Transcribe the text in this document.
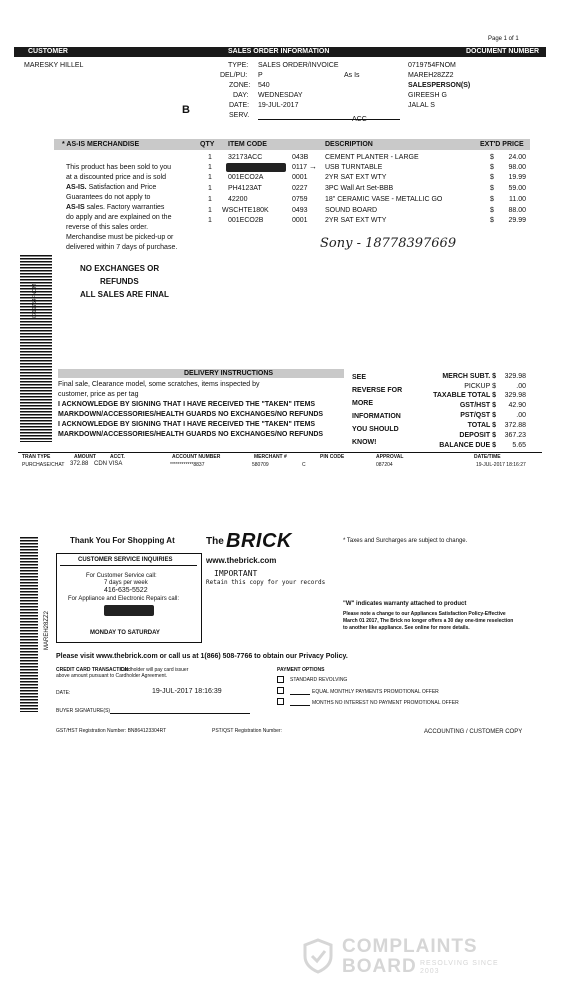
Page 1 of 1
CUSTOMER	SALES ORDER INFORMATION	DOCUMENT NUMBER
MARESKY HILLEL	TYPE: SALES ORDER/INVOICE
DEL/PU: P	As Is
ZONE: 540
DAY: WEDNESDAY
DATE: 19-JUL-2017
SERV.
ACC
B
0719754FNOM
MAREH28ZZ2
SALESPERSON(S)
GIREESH G
JALAL S
* AS-IS MERCHANDISE	QTY ITEM CODE	DESCRIPTION	EXT'D PRICE
1 32173ACC	043B CEMENT PLANTER - LARGE	$	24.00
1	0117 → USB TURNTABLE	$	98.00
1 001ECO2A	0001 2YR SAT EXT WTY	$	19.99
1 PH4123AT	0227 3PC Wall Art Set-BBB	$	59.00
1 42200	0759 18" CERAMIC VASE - METALLIC GO	$	11.00
1 WSCHTE180K	0493 SOUND BOARD	$	88.00
1 001ECO2B	0001 2YR SAT EXT WTY	$	29.99
Sony - 18778397669
This product has been sold to you
at a discounted price and is sold
AS-IS. Satisfaction and Price
Guarantees do not apply to
AS-IS sales. Factory warranties
do apply and are explained on the
reverse of this sales order.
Merchandise must be picked-up or
delivered within 7 days of purchase.
NO EXCHANGES OR
REFUNDS
ALL SALES ARE FINAL
0719754FNOM
DELIVERY INSTRUCTIONS
Final sale, Clearance model, some scratches, items inspected by
customer, price as per tag
I ACKNOWLEDGE BY SIGNING THAT I HAVE RECEIVED THE "TAKEN" ITEMS
MARKDOWN/ACCESSORIES/HEALTH GUARDS NO EXCHANGES/NO REFUNDS
I ACKNOWLEDGE BY SIGNING THAT I HAVE RECEIVED THE "TAKEN" ITEMS
MARKDOWN/ACCESSORIES/HEALTH GUARDS NO EXCHANGES/NO REFUNDS
SEE
REVERSE FOR
MORE
INFORMATION
YOU SHOULD
KNOW!
MERCH SUBT. $	329.98
PICKUP $	.00
TAXABLE TOTAL $	329.98
GST/HST $	42.90
PST/QST $	.00
TOTAL $	372.88
DEPOSIT $	367.23
BALANCE DUE $	5.65
TRAN TYPE	AMOUNT	ACCT.	ACCOUNT NUMBER	MERCHANT #	PIN CODE	APPROVAL	DATE/TIME
PURCHASE/CHAT 372.88 CDN VISA	************8837	580709	C	087204	19-JUL-2017 18:16:27
MAREH28ZZ2
Thank You For Shopping At	The BRICK
www.thebrick.com
IMPORTANT
Retain this copy for your records
* Taxes and Surcharges are subject to change.
CUSTOMER SERVICE INQUIRIES
For Customer Service call:
7 days per week
416-635-5522
For Appliance and Electronic Repairs call:
MONDAY TO SATURDAY
"W" indicates warranty attached to product
Please note a change to our Appliances Satisfaction Policy-Effective
March 01 2017, The Brick no longer offers a 30 day one-time reselection
to another like appliance. See online for more details.
Please visit www.thebrick.com or call us at 1(866) 508-7766 to obtain our Privacy Policy.
CREDIT CARD TRANSACTION:
Cardholder will pay card issuer
above amount pursuant to Cardholder Agreement.
DATE:	19-JUL-2017 18:16:39
BUYER SIGNATURE(S)
PAYMENT OPTIONS
STANDARD REVOLVING
EQUAL MONTHLY PAYMENTS PROMOTIONAL OFFER
MONTHS NO INTEREST NO PAYMENT PROMOTIONAL OFFER
GST/HST Registration Number: BN864123304RT	PST/QST Registration Number:	ACCOUNTING / CUSTOMER COPY
COMPLAINTS
BOARD RESOLVING SINCE 2003
